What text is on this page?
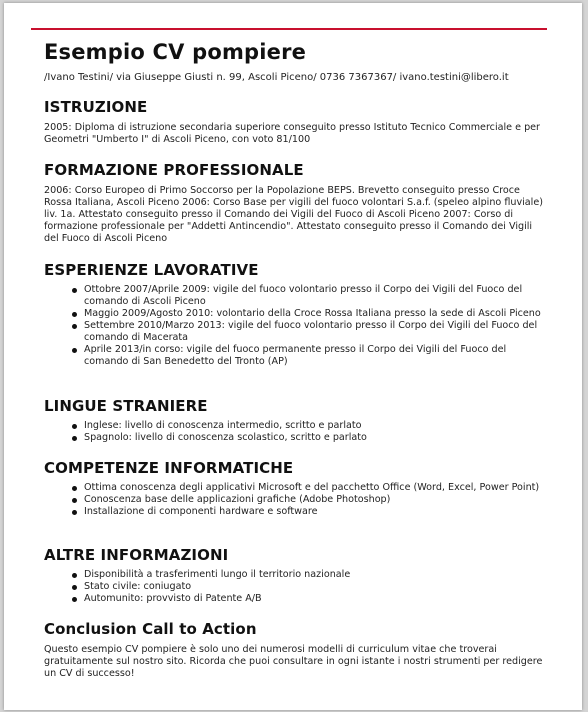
Esempio CV pompiere
/Ivano Testini/ via Giuseppe Giusti n. 99, Ascoli Piceno/ 0736 7367367/ ivano.testini@libero.it
ISTRUZIONE

2005: Diploma di istruzione secondaria superiore conseguito presso Istituto Tecnico Commerciale e per Geometri "Umberto I" di Ascoli Piceno, con voto 81/100

FORMAZIONE PROFESSIONALE

2006: Corso Europeo di Primo Soccorso per la Popolazione BEPS. Brevetto conseguito presso Croce Rossa Italiana, Ascoli Piceno 2006: Corso Base per vigili del fuoco volontari S.a.f. (speleo alpino fluviale) liv. 1a. Attestato conseguito presso il Comando dei Vigili del Fuoco di Ascoli Piceno 2007: Corso di formazione professionale per "Addetti Antincendio". Attestato conseguito presso il Comando dei Vigili del Fuoco di Ascoli Piceno

ESPERIENZE LAVORATIVE
Ottobre 2007/Aprile 2009: vigile del fuoco volontario presso il Corpo dei Vigili del Fuoco del comando di Ascoli Piceno
Maggio 2009/Agosto 2010: volontario della Croce Rossa Italiana presso la sede di Ascoli Piceno
Settembre 2010/Marzo 2013: vigile del fuoco volontario presso il Corpo dei Vigili del Fuoco del comando di Macerata
Aprile 2013/in corso: vigile del fuoco permanente presso il Corpo dei Vigili del Fuoco del comando di San Benedetto del Tronto (AP)
LINGUE STRANIERE
Inglese: livello di conoscenza intermedio, scritto e parlato
Spagnolo: livello di conoscenza scolastico, scritto e parlato
COMPETENZE INFORMATICHE
Ottima conoscenza degli applicativi Microsoft e del pacchetto Office (Word, Excel, Power Point)
Conoscenza base delle applicazioni grafiche (Adobe Photoshop)
Installazione di componenti hardware e software
ALTRE INFORMAZIONI
Disponibilità a trasferimenti lungo il territorio nazionale
Stato civile: coniugato
Automunito: provvisto di Patente A/B
Conclusion Call to Action

Questo esempio CV pompiere è solo uno dei numerosi modelli di curriculum vitae che troverai gratuitamente sul nostro sito. Ricorda che puoi consultare in ogni istante i nostri strumenti per redigere un CV di successo!
